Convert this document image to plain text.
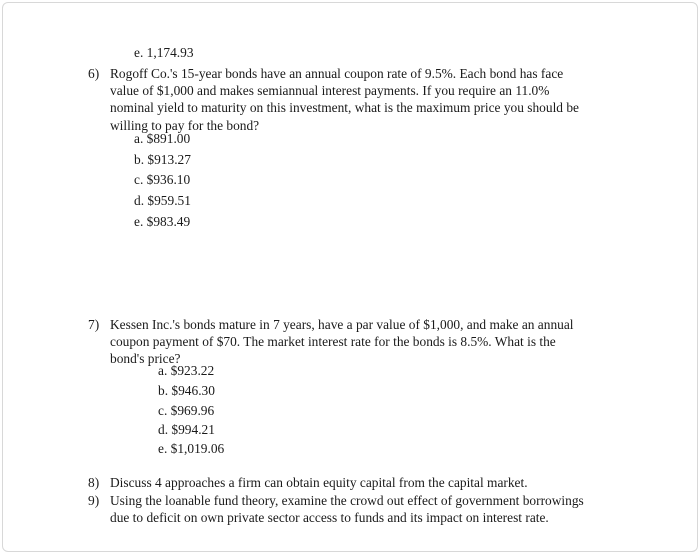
e. 1,174.93
6) Rogoff Co.'s 15-year bonds have an annual coupon rate of 9.5%. Each bond has face
value of $1,000 and makes semiannual interest payments. If you require an 11.0%
nominal yield to maturity on this investment, what is the maximum price you should be
willing to pay for the bond?
a. $891.00
b. $913.27
c. $936.10
d. $959.51
e. $983.49
7) Kessen Inc.'s bonds mature in 7 years, have a par value of $1,000, and make an annual
coupon payment of $70. The market interest rate for the bonds is 8.5%. What is the
bond's price?
a. $923.22
b. $946.30
c. $969.96
d. $994.21
e. $1,019.06
8) Discuss 4 approaches a firm can obtain equity capital from the capital market.
9) Using the loanable fund theory, examine the crowd out effect of government borrowings
due to deficit on own private sector access to funds and its impact on interest rate.
